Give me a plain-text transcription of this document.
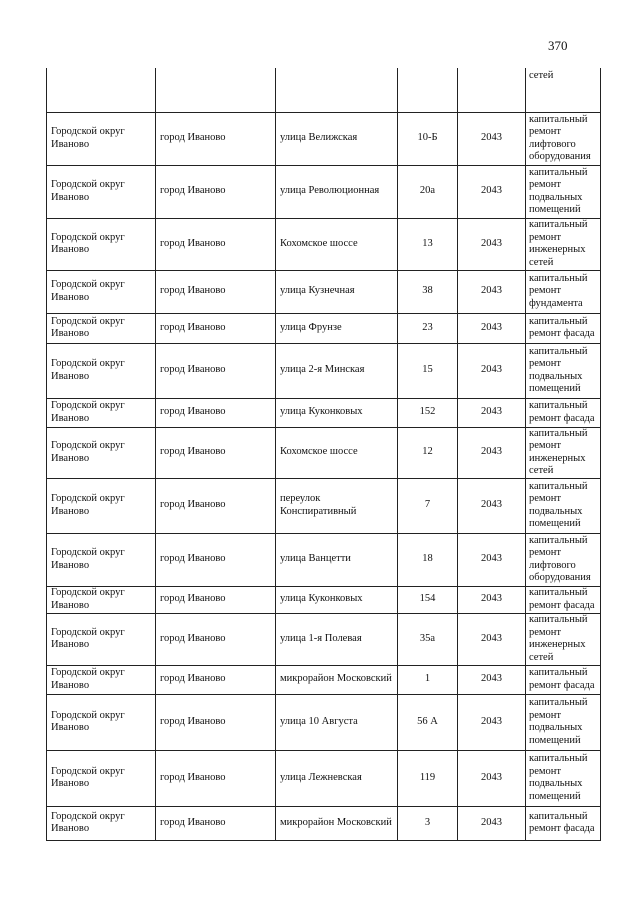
370
					сетей
Городской округ Иваново	город Иваново	улица Велижская	10-Б	2043	капитальный ремонт лифтового оборудования
Городской округ Иваново	город Иваново	улица Революционная	20а	2043	капитальный ремонт подвальных помещений
Городской округ Иваново	город Иваново	Кохомское шоссе	13	2043	капитальный ремонт инженерных сетей
Городской округ Иваново	город Иваново	улица Кузнечная	38	2043	капитальный ремонт фундамента
Городской округ Иваново	город Иваново	улица Фрунзе	23	2043	капитальный ремонт фасада
Городской округ Иваново	город Иваново	улица 2-я Минская	15	2043	капитальный ремонт подвальных помещений
Городской округ Иваново	город Иваново	улица Куконковых	152	2043	капитальный ремонт фасада
Городской округ Иваново	город Иваново	Кохомское шоссе	12	2043	капитальный ремонт инженерных сетей
Городской округ Иваново	город Иваново	переулок Конспиративный	7	2043	капитальный ремонт подвальных помещений
Городской округ Иваново	город Иваново	улица Ванцетти	18	2043	капитальный ремонт лифтового оборудования
Городской округ Иваново	город Иваново	улица Куконковых	154	2043	капитальный ремонт фасада
Городской округ Иваново	город Иваново	улица 1-я Полевая	35а	2043	капитальный ремонт инженерных сетей
Городской округ Иваново	город Иваново	микрорайон Московский	1	2043	капитальный ремонт фасада
Городской округ Иваново	город Иваново	улица 10 Августа	56 А	2043	капитальный ремонт подвальных помещений
Городской округ Иваново	город Иваново	улица Лежневская	119	2043	капитальный ремонт подвальных помещений
Городской округ Иваново	город Иваново	микрорайон Московский	3	2043	капитальный ремонт фасада
